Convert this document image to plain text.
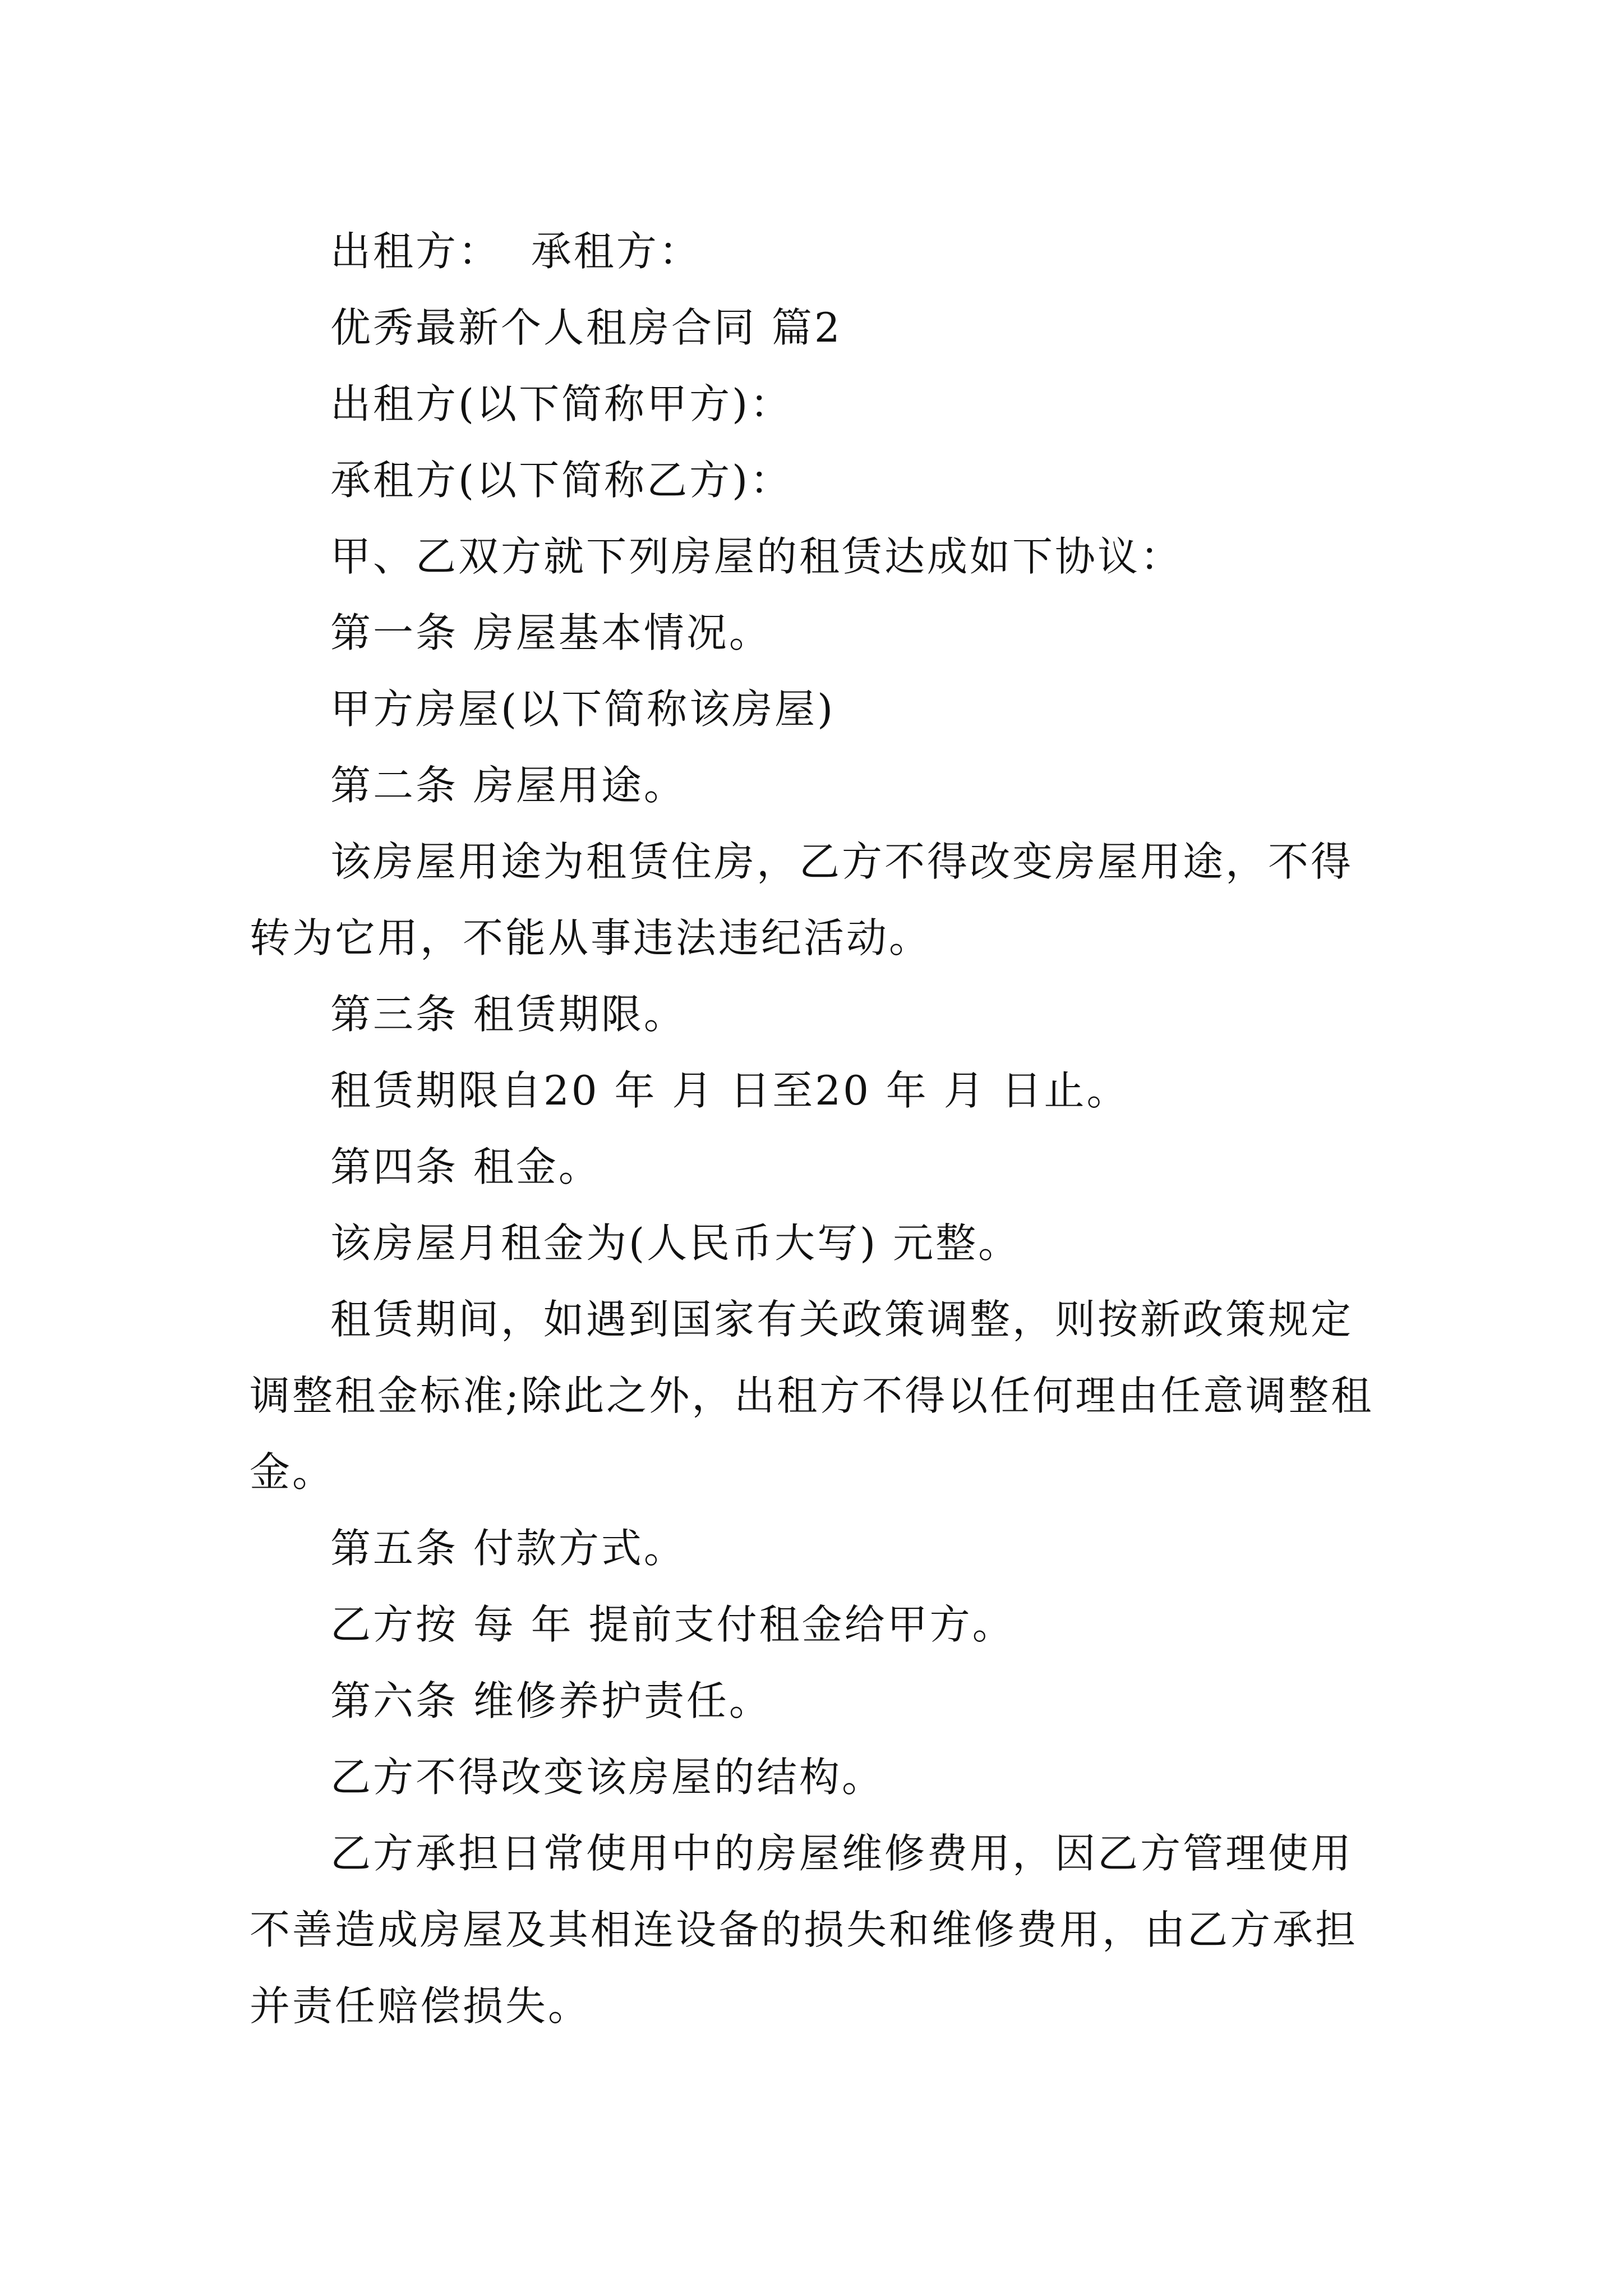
出租方：  承租方：

优秀最新个人租房合同 篇2

出租方(以下简称甲方)：

承租方(以下简称乙方)：

甲、乙双方就下列房屋的租赁达成如下协议：

第一条 房屋基本情况。

甲方房屋(以下简称该房屋)

第二条 房屋用途。

该房屋用途为租赁住房，乙方不得改变房屋用途，不得转为它用，不能从事违法违纪活动。

第三条 租赁期限。

租赁期限自20 年 月 日至20 年 月 日止。

第四条 租金。

该房屋月租金为(人民币大写) 元整。

租赁期间，如遇到国家有关政策调整，则按新政策规定调整租金标准;除此之外，出租方不得以任何理由任意调整租金。

第五条 付款方式。

乙方按 每 年 提前支付租金给甲方。

第六条 维修养护责任。

乙方不得改变该房屋的结构。

乙方承担日常使用中的房屋维修费用，因乙方管理使用不善造成房屋及其相连设备的损失和维修费用，由乙方承担并责任赔偿损失。
